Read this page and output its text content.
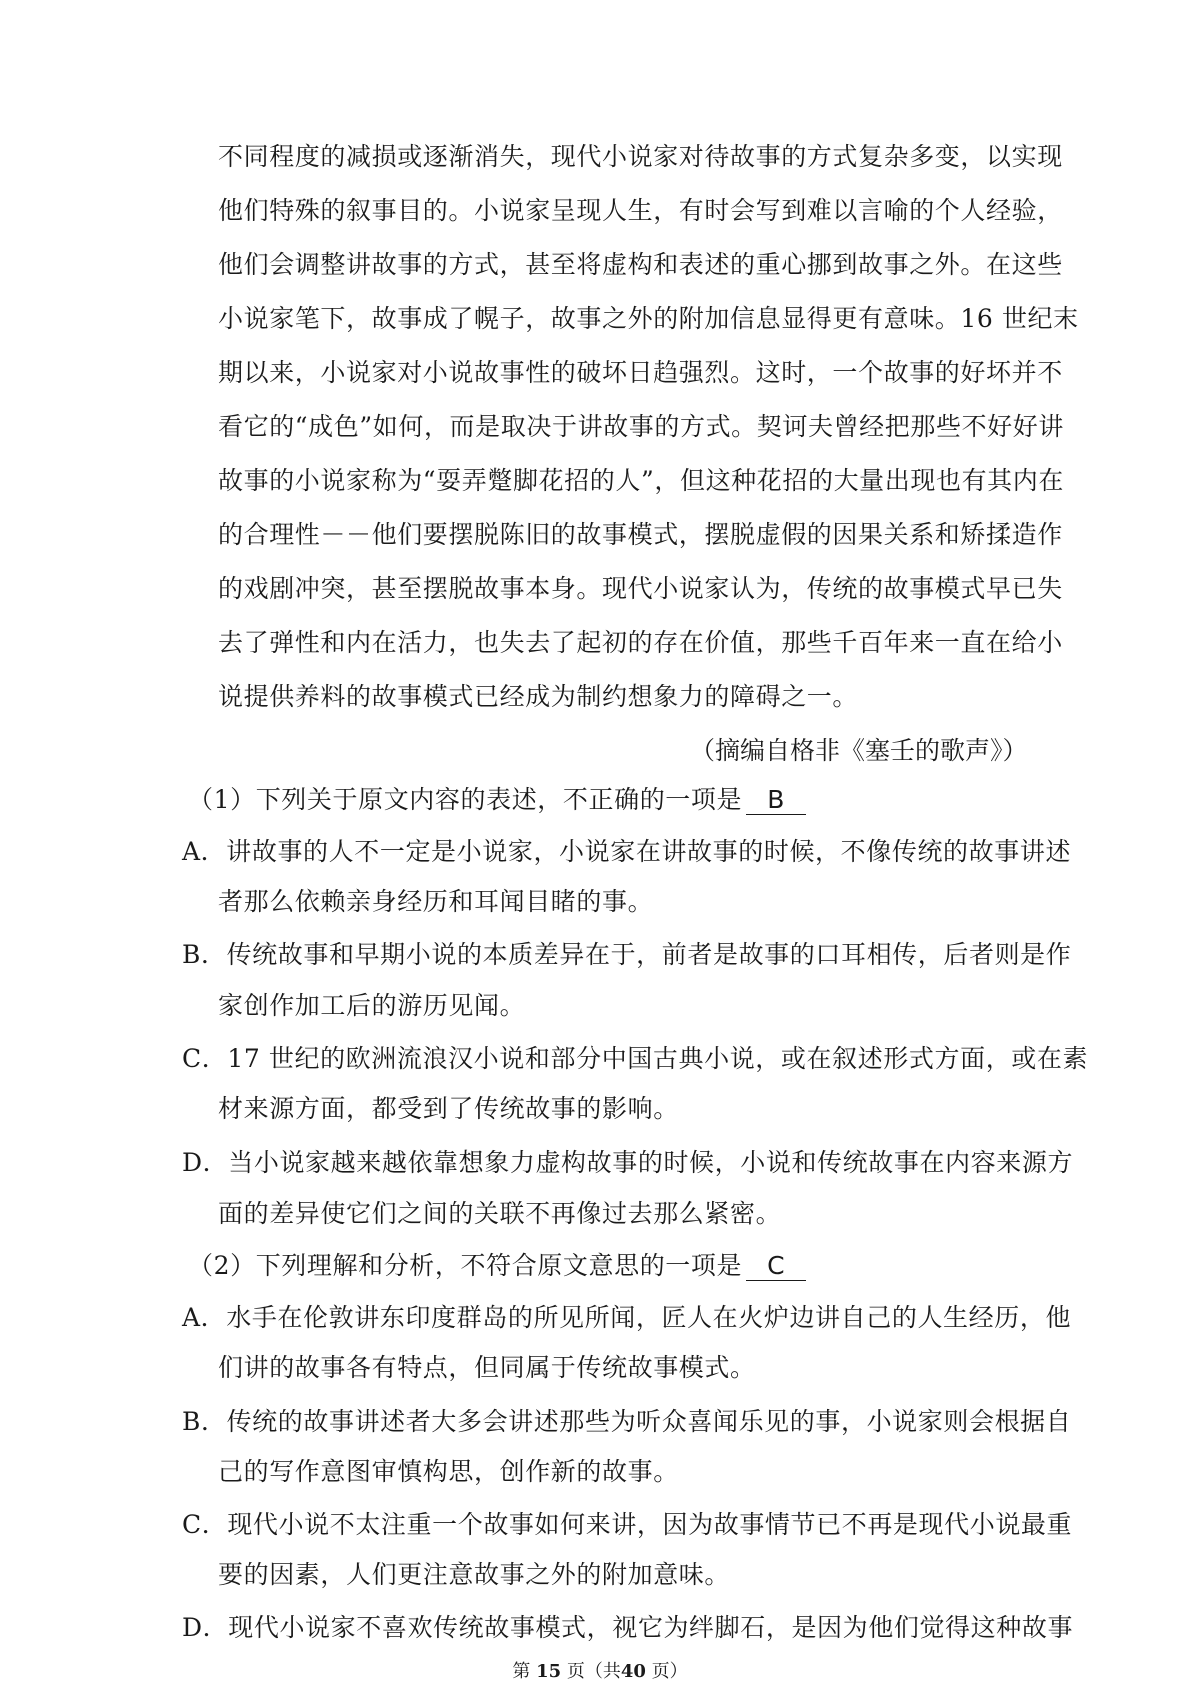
不同程度的减损或逐渐消失，现代小说家对待故事的方式复杂多变，以实现
他们特殊的叙事目的。小说家呈现人生，有时会写到难以言喻的个人经验，
他们会调整讲故事的方式，甚至将虚构和表述的重心挪到故事之外。在这些
小说家笔下，故事成了幌子，故事之外的附加信息显得更有意味。16 世纪末
期以来，小说家对小说故事性的破坏日趋强烈。这时，一个故事的好坏并不
看它的“成色”如何，而是取决于讲故事的方式。契诃夫曾经把那些不好好讲
故事的小说家称为“耍弄蹩脚花招的人”，但这种花招的大量出现也有其内在
的合理性－－他们要摆脱陈旧的故事模式，摆脱虚假的因果关系和矫揉造作
的戏剧冲突，甚至摆脱故事本身。现代小说家认为，传统的故事模式早已失
去了弹性和内在活力，也失去了起初的存在价值，那些千百年来一直在给小
说提供养料的故事模式已经成为制约想象力的障碍之一。
（摘编自格非《塞壬的歌声》）
（1）下列关于原文内容的表述，不正确的一项是 B
A．讲故事的人不一定是小说家，小说家在讲故事的时候，不像传统的故事讲述
者那么依赖亲身经历和耳闻目睹的事。
B．传统故事和早期小说的本质差异在于，前者是故事的口耳相传，后者则是作
家创作加工后的游历见闻。
C．17 世纪的欧洲流浪汉小说和部分中国古典小说，或在叙述形式方面，或在素
材来源方面，都受到了传统故事的影响。
D．当小说家越来越依靠想象力虚构故事的时候，小说和传统故事在内容来源方
面的差异使它们之间的关联不再像过去那么紧密。
（2）下列理解和分析，不符合原文意思的一项是 C
A．水手在伦敦讲东印度群岛的所见所闻，匠人在火炉边讲自己的人生经历，他
们讲的故事各有特点，但同属于传统故事模式。
B．传统的故事讲述者大多会讲述那些为听众喜闻乐见的事，小说家则会根据自
己的写作意图审慎构思，创作新的故事。
C．现代小说不太注重一个故事如何来讲，因为故事情节已不再是现代小说最重
要的因素，人们更注意故事之外的附加意味。
D．现代小说家不喜欢传统故事模式，视它为绊脚石，是因为他们觉得这种故事
第 15 页（共40 页）
